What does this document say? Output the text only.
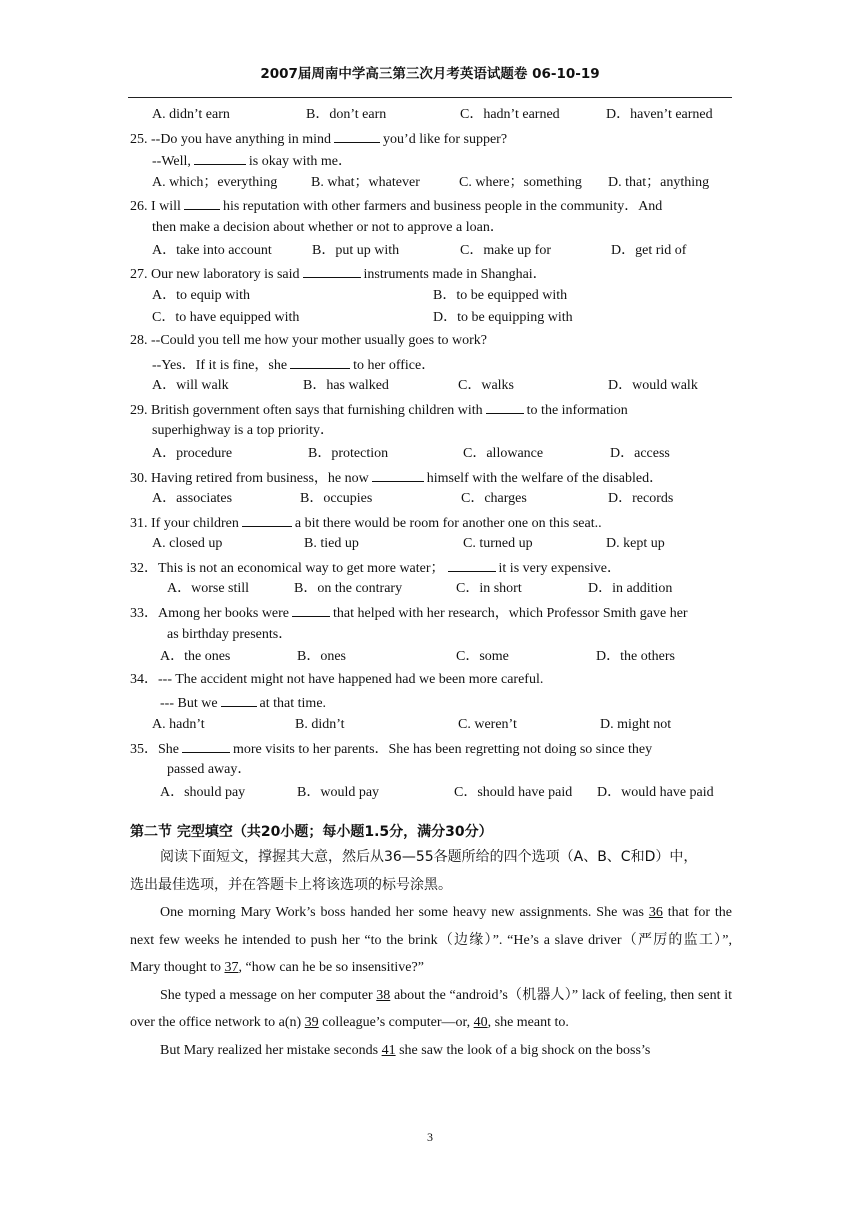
2007届周南中学高三第三次月考英语试题卷 06-10-19
A. didn’t earn	B．don’t earn	C．hadn’t earned	D．haven’t earned
25. --Do you have anything in mind	you’d like for supper?
--Well,	is okay with me．
A. which；everything B. what；whatever	C. where；something D. that；anything
26. I will	his reputation with other farmers and business people in the community．And
then make a decision about whether or not to approve a loan．
A．take into account	B．put up with	C．make up for	D．get rid of
27. Our new laboratory is said	instruments made in Shanghai．
A．to equip with	B．to be equipped with
C．to have equipped with	D．to be equipping with
28. --Could you tell me how your mother usually goes to work?
--Yes．If it is fine，she	to her office．
A．will walk	B．has walked	C．walks	D．would walk
29. British government often says that furnishing children with	to the information
superhighway is a top priority．
A．procedure	B．protection	C．allowance	D．access
30. Having retired from business，he now	himself with the welfare of the disabled．
A．associates	B．occupies	C．charges	D．records
31. If your children	a bit there would be room for another one on this seat..
A. closed up	B. tied up	C. turned up	D. kept up
32．This is not an economical way to get more water；	it is very expensive．
A．worse still	B．on the contrary	C．in short	D．in addition
33．Among her books were	that helped with her research，which Professor Smith gave her
as birthday presents．
A．the ones	B．ones	C．some	D．the others
34．--- The accident might not have happened had we been more careful.
--- But we	at that time.
A. hadn’t	B. didn’t	C. weren’t	D. might not
35．She	more visits to her parents．She has been regretting not doing so since they
passed away．
A．should pay	B．would pay	C．should have paid D．would have paid
第二节 完型填空（共20小题；每小题1.5分，满分30分）

阅读下面短文，撑握其大意，然后从36—55各题所给的四个选项（A、B、C和D）中，

选出最佳选项，并在答题卡上将该选项的标号涂黑。

One morning Mary Work’s boss handed her some heavy new assignments. She was 36 that for the next few weeks he intended to push her “to the brink（边缘）”. “He’s a slave driver（严厉的监工）”, Mary thought to 37, “how can he be so insensitive?”

She typed a message on her computer 38 about the “android’s（机器人）” lack of feeling, then sent it over the office network to a(n) 39 colleague’s computer—or, 40, she meant to.

But Mary realized her mistake seconds 41 she saw the look of a big shock on the boss’s

3
